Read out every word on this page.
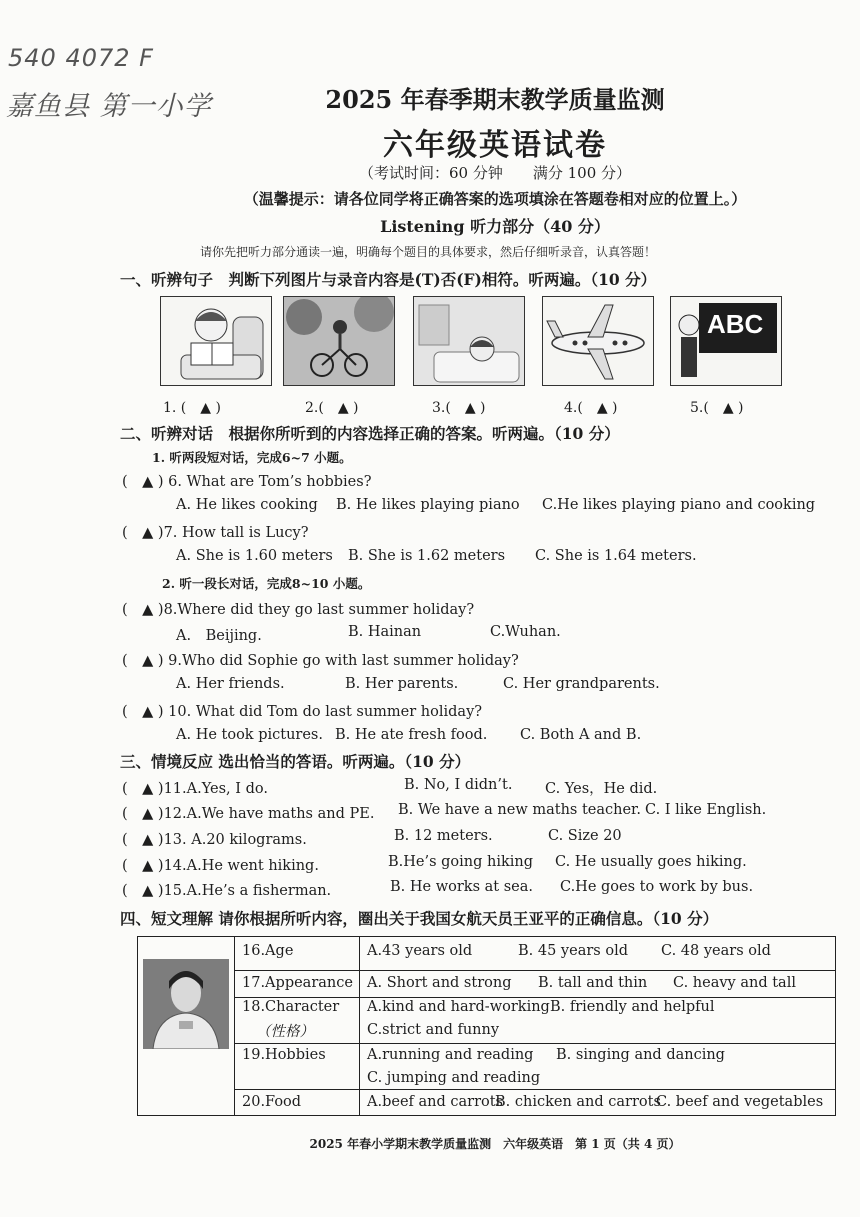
540 4072 F
嘉鱼县 第一小学	2025 年春季期末教学质量监测
六年级英语试卷
（考试时间：60 分钟　　满分 100 分）
（温馨提示：请各位同学将正确答案的选项填涂在答题卷相对应的位置上。）
Listening 听力部分（40 分）
请你先把听力部分通读一遍，明确每个题目的具体要求，然后仔细听录音，认真答题！
一、听辨句子　判断下列图片与录音内容是(T)否(F)相符。听两遍。（10 分）
ABC
1. (　▲ )	2.(　▲ )	3.(　▲ )	4.(　▲ )	5.(　▲ )
二、听辨对话　根据你所听到的内容选择正确的答案。听两遍。（10 分）
1. 听两段短对话，完成6~7 小题。
(　▲ ) 6. What are Tom’s hobbies?
A. He likes cooking B. He likes playing piano C.He likes playing piano and cooking
(　▲ )7. How tall is Lucy?
A. She is 1.60 meters B. She is 1.62 meters C. She is 1.64 meters.
2. 听一段长对话，完成8~10 小题。
(　▲ )8.Where did they go last summer holiday?
A.　Beijing.	B. Hainan	C.Wuhan.
(　▲ ) 9.Who did Sophie go with last summer holiday?
A. Her friends.	B. Her parents.	C. Her grandparents.
(　▲ ) 10. What did Tom do last summer holiday?
A. He took pictures. B. He ate fresh food. C. Both A and B.
三、情境反应 选出恰当的答语。听两遍。（10 分）
(　▲ )11.A.Yes, I do.	B. No, I didn’t. C. Yes，He did.
(　▲ )12.A.We have maths and PE. B. We have a new maths teacher. C. I like English.
(　▲ )13. A.20 kilograms.	B. 12 meters.	C. Size 20
(　▲ )14.A.He went hiking.	B.He’s going hiking C. He usually goes hiking.
(　▲ )15.A.He’s a fisherman.	B. He works at sea. C.He goes to work by bus.
四、短文理解 请你根据所听内容，圈出关于我国女航天员王亚平的正确信息。（10 分）
16.Age	A.43 years old	B. 45 years old C. 48 years old
17.Appearance A. Short and strong B. tall and thin C. heavy and tall
18.Character
（性格）
A.kind and hard-working B. friendly and helpful
C.strict and funny
19.Hobbies	A.running and reading B. singing and dancing
C. jumping and reading
20.Food	A.beef and carrots
B. chicken and carrots
C. beef and vegetables
2025 年春小学期末教学质量监测　六年级英语　第 1 页（共 4 页）
